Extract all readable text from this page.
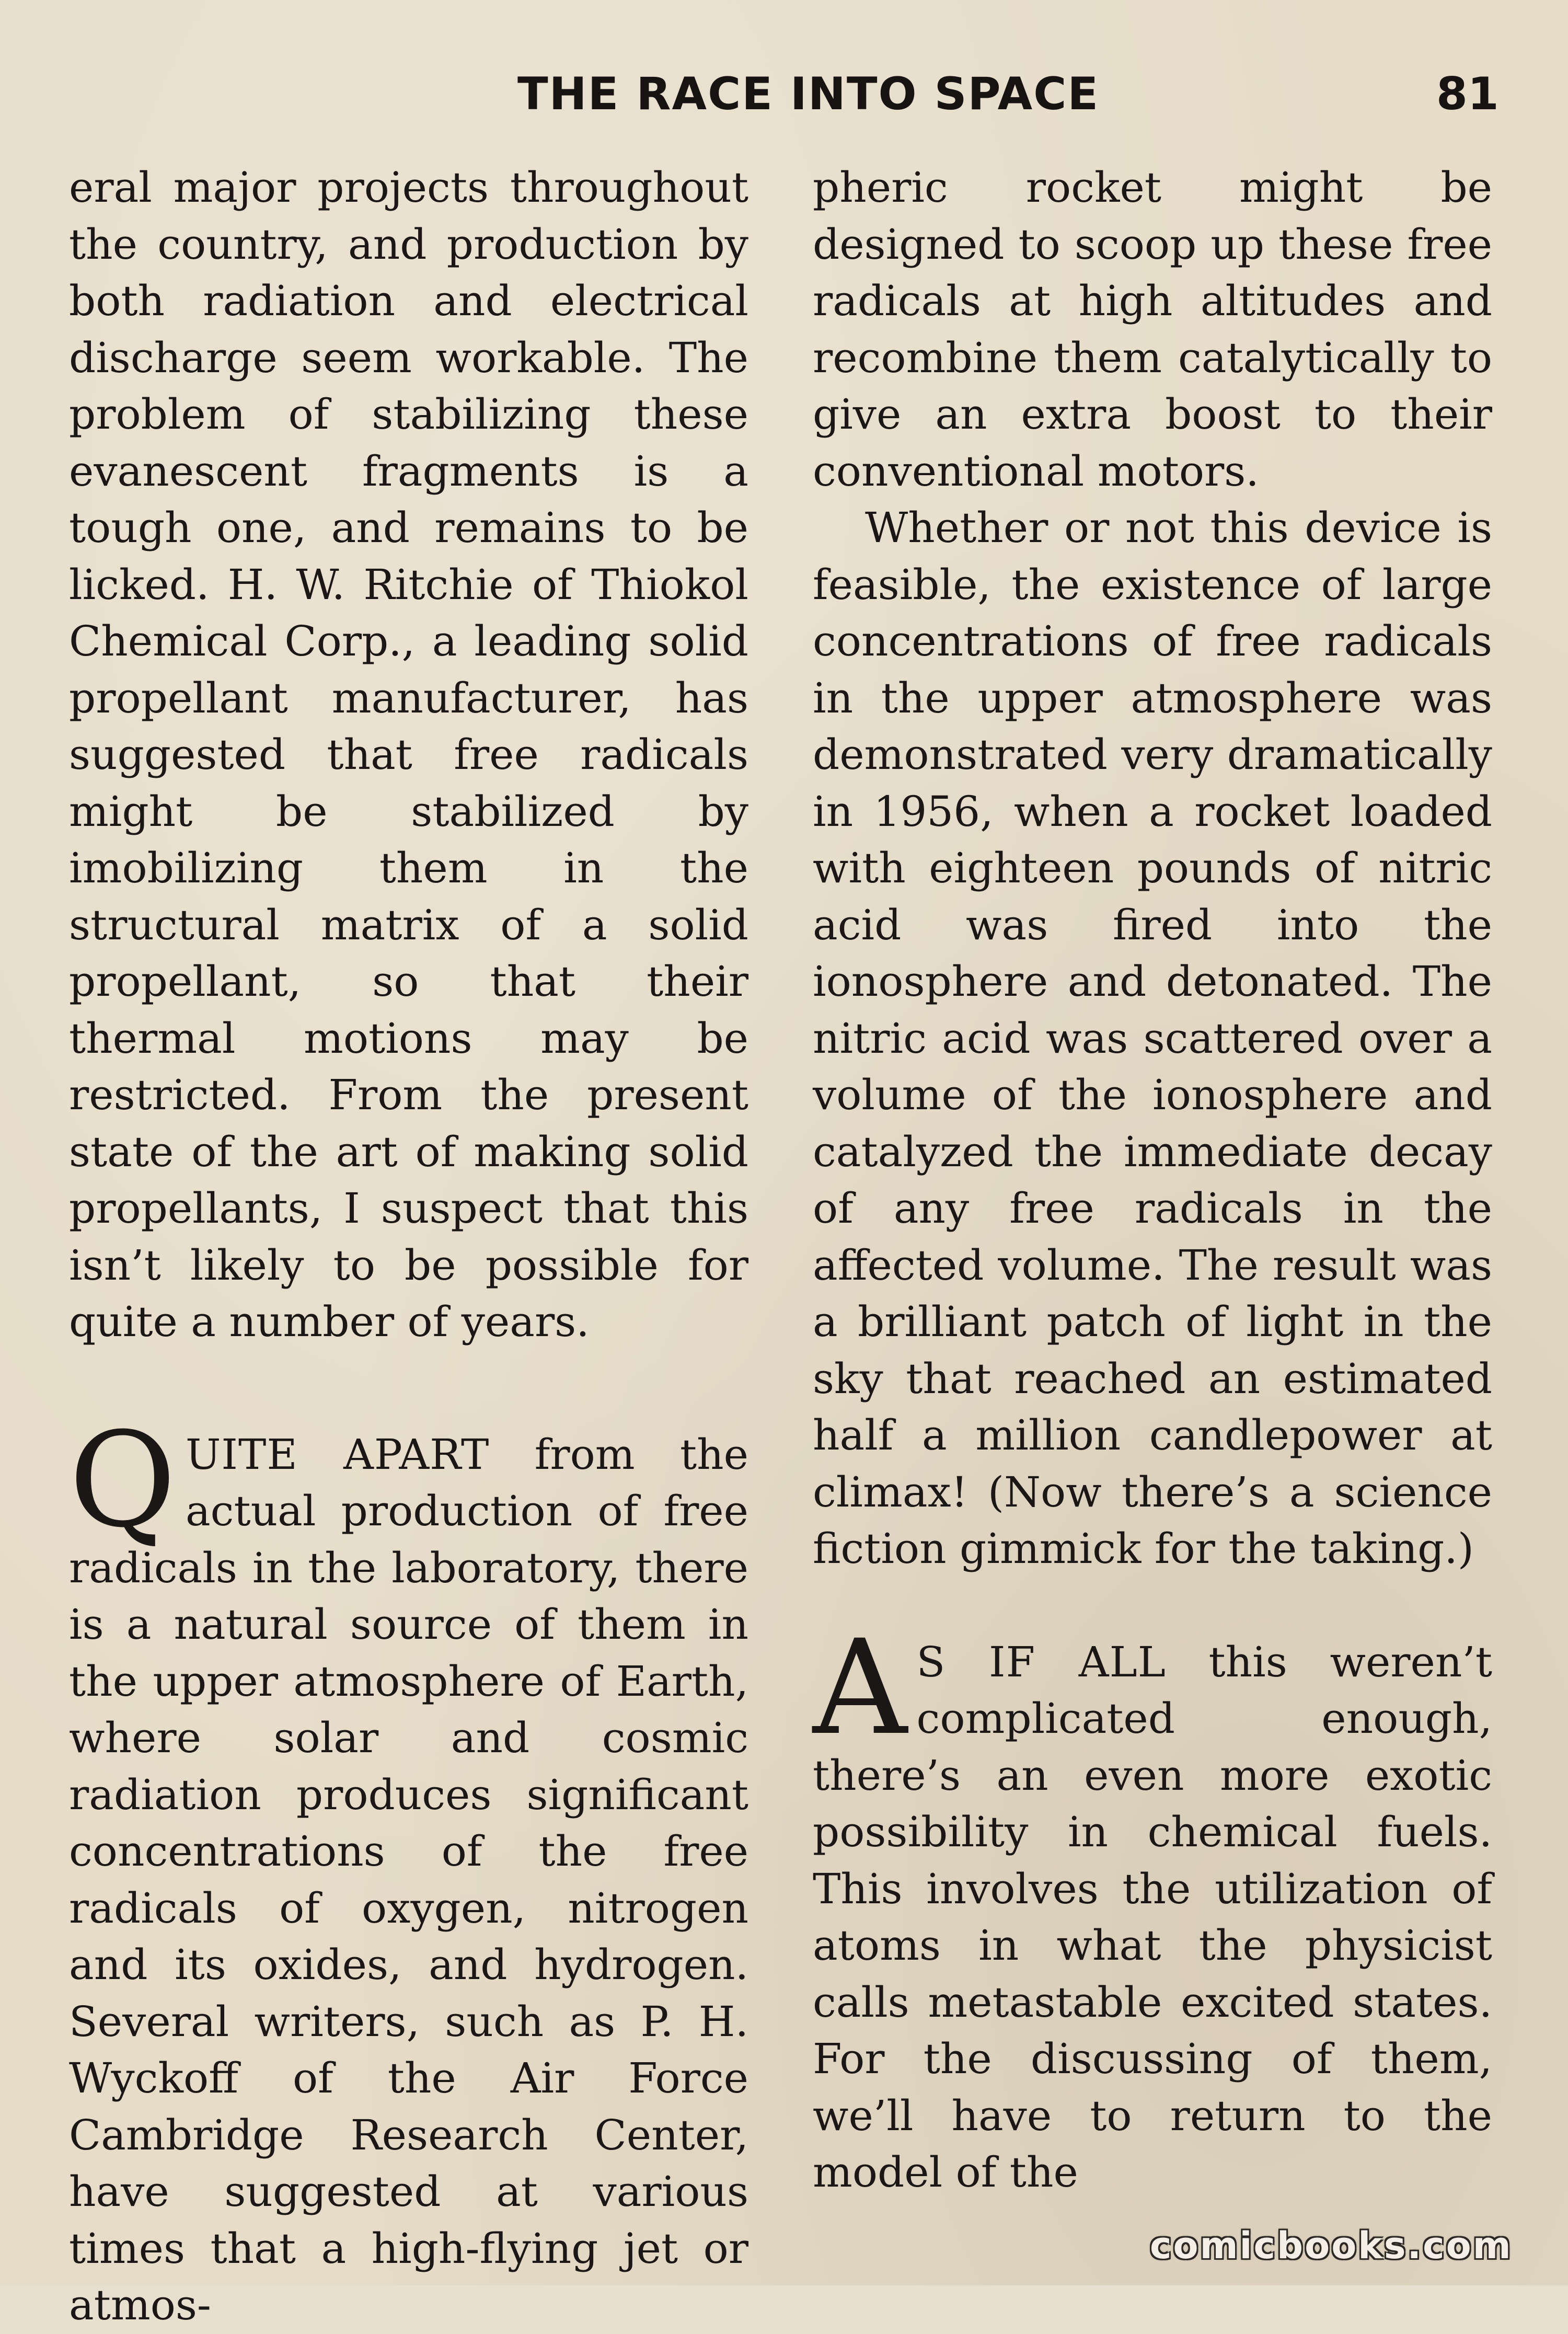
THE RACE INTO SPACE	81

eral major projects throughout the country, and production by both radiation and electrical discharge seem workable. The problem of stabilizing these evanescent fragments is a tough one, and remains to be licked. H. W. Ritchie of Thiokol Chemical Corp., a leading solid propellant manufacturer, has suggested that free radicals might be stabilized by imobilizing them in the structural matrix of a solid propellant, so that their thermal motions may be restricted. From the present state of the art of making solid propellants, I suspect that this isn’t likely to be possible for quite a number of years.

QUITE APART from the actual production of free radicals in the laboratory, there is a natural source of them in the upper atmosphere of Earth, where solar and cosmic radiation produces significant concentrations of the free radicals of oxygen, nitrogen and its oxides, and hydrogen. Several writers, such as P. H. Wyckoff of the Air Force Cambridge Research Center, have suggested at various times that a high-flying jet or atmos-

pheric rocket might be designed to scoop up these free radicals at high altitudes and recombine them catalytically to give an extra boost to their conventional motors.

Whether or not this device is feasible, the existence of large concentrations of free radicals in the upper atmosphere was demonstrated very dramatically in 1956, when a rocket loaded with eighteen pounds of nitric acid was fired into the ionosphere and detonated. The nitric acid was scattered over a volume of the ionosphere and catalyzed the immediate decay of any free radicals in the affected volume. The result was a brilliant patch of light in the sky that reached an estimated half a million candlepower at climax! (Now there’s a science fiction gimmick for the taking.)

A S IF ALL this weren’t complicated enough, there’s an even more exotic possibility in chemical fuels. This involves the utilization of atoms in what the physicist calls metastable excited states. For the discussing of them, we’ll have to return to the model of the

comicbooks.com
